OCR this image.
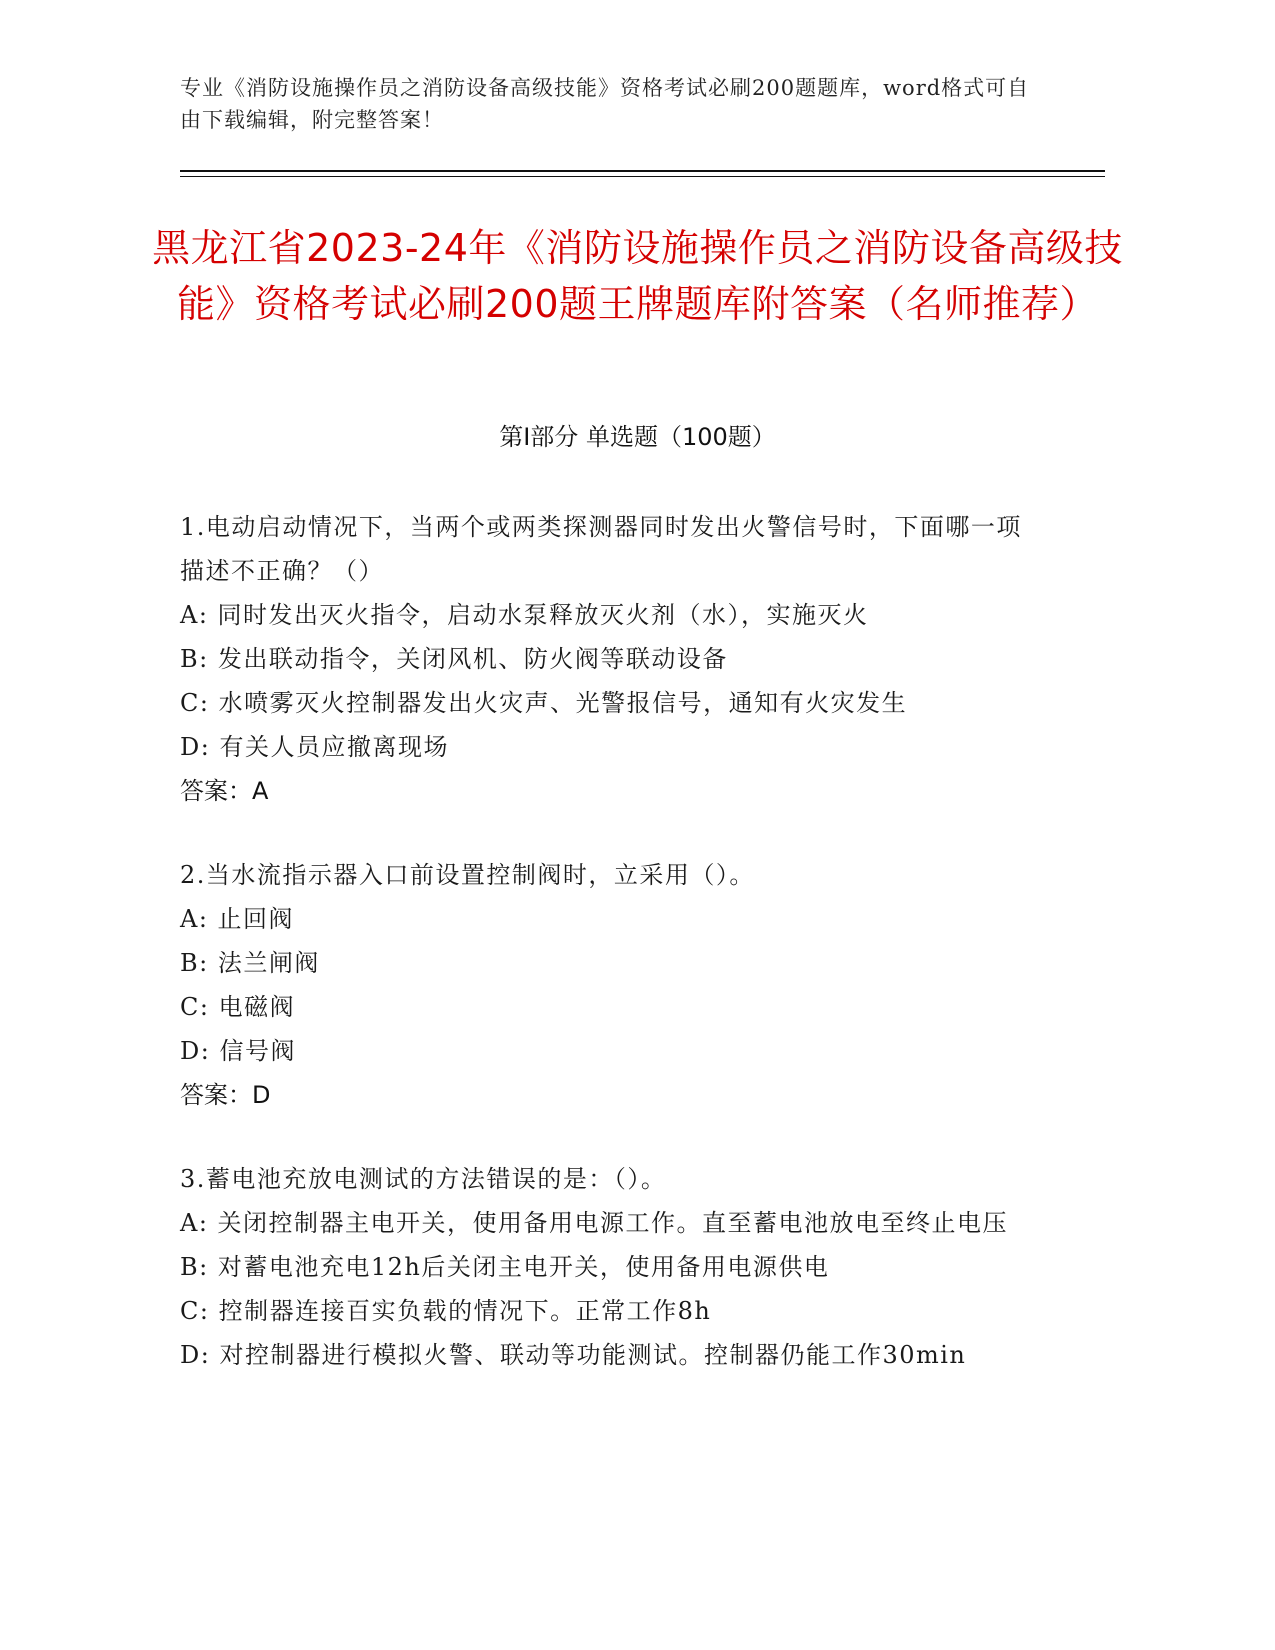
专业《消防设施操作员之消防设备高级技能》资格考试必刷200题题库，word格式可自由下载编辑，附完整答案！
黑龙江省2023-24年《消防设施操作员之消防设备高级技能》资格考试必刷200题王牌题库附答案（名师推荐）
第I部分 单选题（100题）

1.电动启动情况下，当两个或两类探测器同时发出火警信号时，下面哪一项描述不正确？（）

A: 同时发出灭火指令，启动水泵释放灭火剂（水），实施灭火

B: 发出联动指令，关闭风机、防火阀等联动设备

C: 水喷雾灭火控制器发出火灾声、光警报信号，通知有火灾发生

D: 有关人员应撤离现场

答案：A

2.当水流指示器入口前设置控制阀时，立采用（）。

A: 止回阀

B: 法兰闸阀

C: 电磁阀

D: 信号阀

答案：D

3.蓄电池充放电测试的方法错误的是：（）。

A: 关闭控制器主电开关，使用备用电源工作。直至蓄电池放电至终止电压

B: 对蓄电池充电12h后关闭主电开关，使用备用电源供电

C: 控制器连接百实负载的情况下。正常工作8h

D: 对控制器进行模拟火警、联动等功能测试。控制器仍能工作30min
